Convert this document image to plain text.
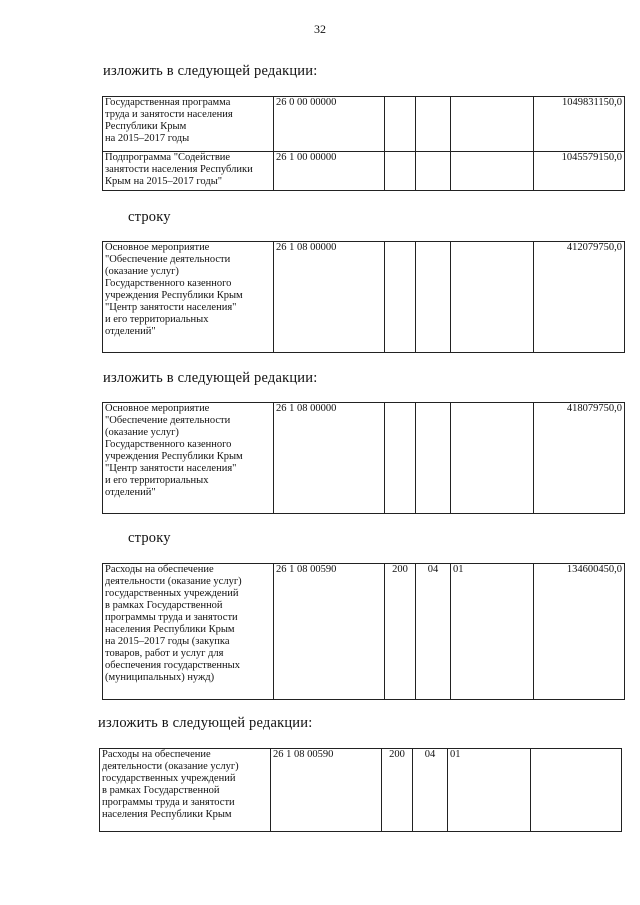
32
изложить в следующей редакции:
Государственная программа
труда и занятости населения
Республики Крым
на 2015–2017 годы	26 0 00 00000				1049831150,0

Подпрограмма "Содействие
занятости населения Республики
Крым на 2015–2017 годы"	26 1 00 00000				1045579150,0
строку
Основное мероприятие
"Обеспечение деятельности
(оказание услуг)
Государственного казенного
учреждения Республики Крым
"Центр занятости населения"
и его территориальных
отделений"
	26 1 08 00000				412079750,0
изложить в следующей редакции:
Основное мероприятие
"Обеспечение деятельности
(оказание услуг)
Государственного казенного
учреждения Республики Крым
"Центр занятости населения"
и его территориальных
отделений"
	26 1 08 00000				418079750,0
строку
Расходы на обеспечение
деятельности (оказание услуг)
государственных учреждений
в рамках Государственной
программы труда и занятости
населения Республики Крым
на 2015–2017 годы (закупка
товаров, работ и услуг для
обеспечения государственных
(муниципальных) нужд)
	26 1 08 00590	200	04	01	134600450,0
изложить в следующей редакции:
Расходы на обеспечение
деятельности (оказание услуг)
государственных учреждений
в рамках Государственной
программы труда и занятости
населения Республики Крым
	26 1 08 00590	200	04	01	
